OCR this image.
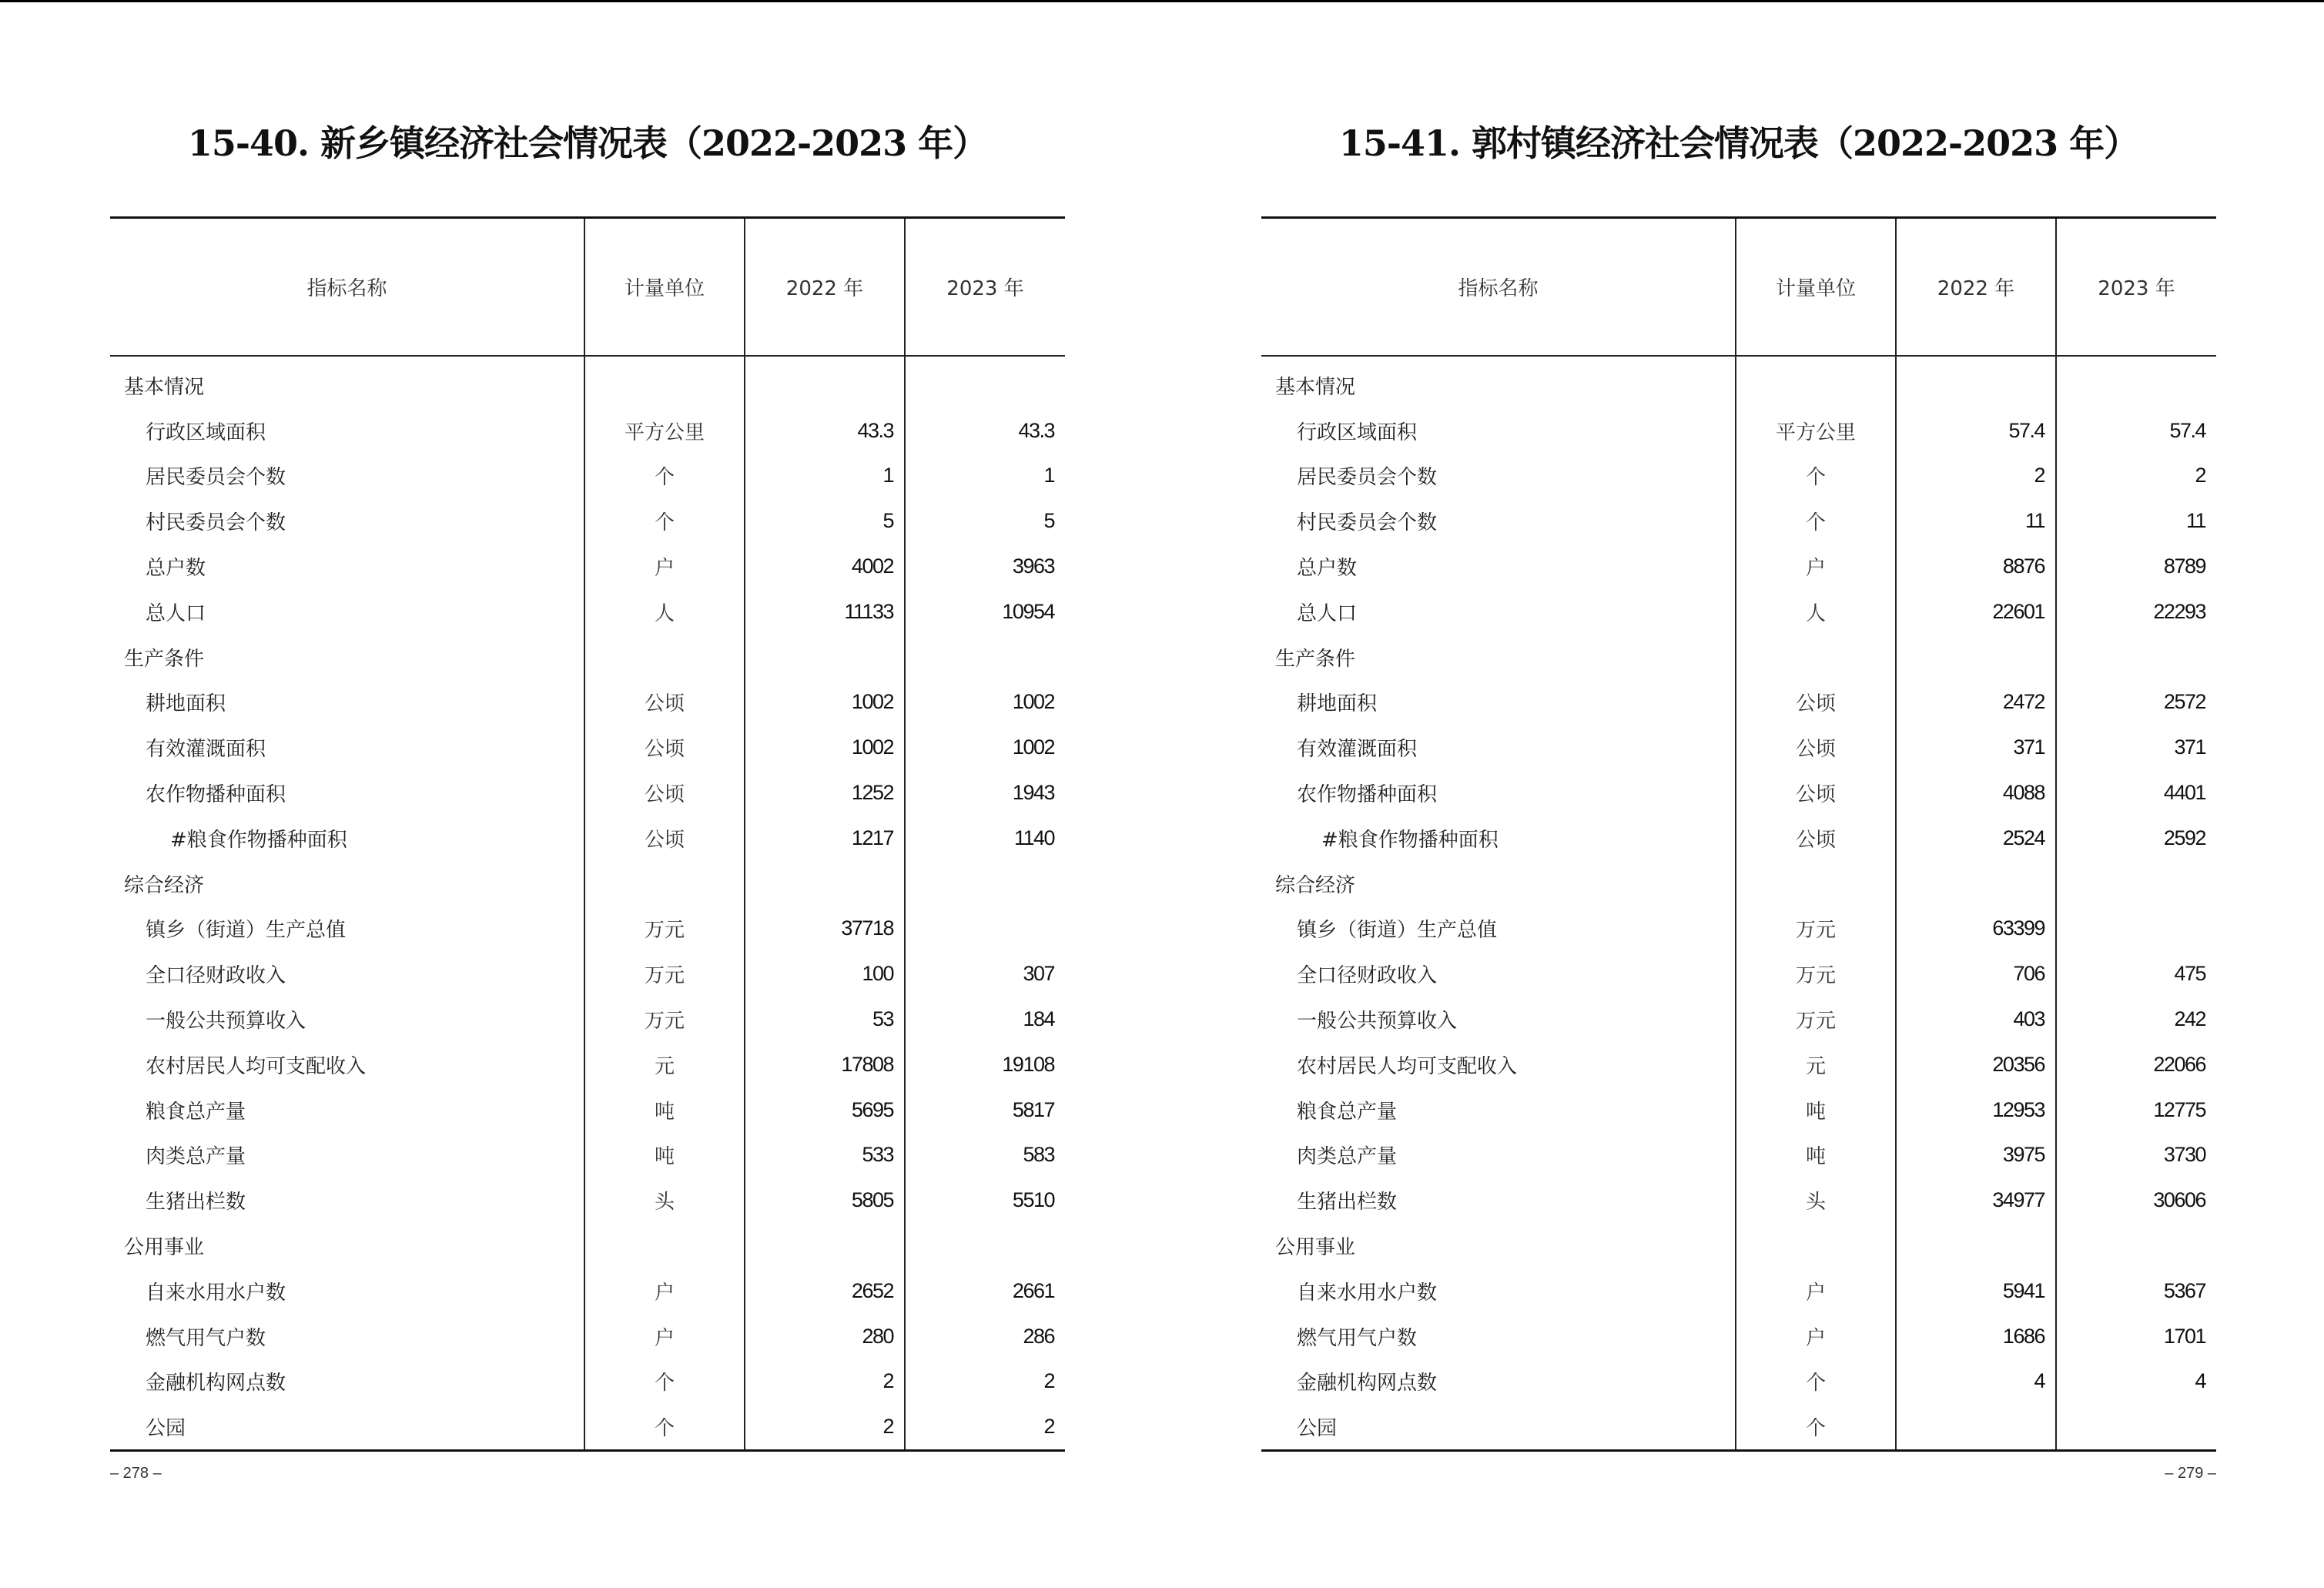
15-40. 新乡镇经济社会情况表（2022-2023 年）
指标名称	计量单位	2022 年	2023 年
基本情况			
行政区域面积	平方公里	43.3	43.3
居民委员会个数	个	1	1
村民委员会个数	个	5	5
总户数	户	4002	3963
总人口	人	11133	10954
生产条件			
耕地面积	公顷	1002	1002
有效灌溉面积	公顷	1002	1002
农作物播种面积	公顷	1252	1943
#粮食作物播种面积	公顷	1217	1140
综合经济			
镇乡（街道）生产总值	万元	37718	
全口径财政收入	万元	100	307
一般公共预算收入	万元	53	184
农村居民人均可支配收入	元	17808	19108
粮食总产量	吨	5695	5817
肉类总产量	吨	533	583
生猪出栏数	头	5805	5510
公用事业			
自来水用水户数	户	2652	2661
燃气用气户数	户	280	286
金融机构网点数	个	2	2
公园	个	2	2
– 278 –
15-41. 郭村镇经济社会情况表（2022-2023 年）
指标名称	计量单位	2022 年	2023 年
基本情况			
行政区域面积	平方公里	57.4	57.4
居民委员会个数	个	2	2
村民委员会个数	个	11	11
总户数	户	8876	8789
总人口	人	22601	22293
生产条件			
耕地面积	公顷	2472	2572
有效灌溉面积	公顷	371	371
农作物播种面积	公顷	4088	4401
#粮食作物播种面积	公顷	2524	2592
综合经济			
镇乡（街道）生产总值	万元	63399	
全口径财政收入	万元	706	475
一般公共预算收入	万元	403	242
农村居民人均可支配收入	元	20356	22066
粮食总产量	吨	12953	12775
肉类总产量	吨	3975	3730
生猪出栏数	头	34977	30606
公用事业			
自来水用水户数	户	5941	5367
燃气用气户数	户	1686	1701
金融机构网点数	个	4	4
公园	个		
– 279 –
